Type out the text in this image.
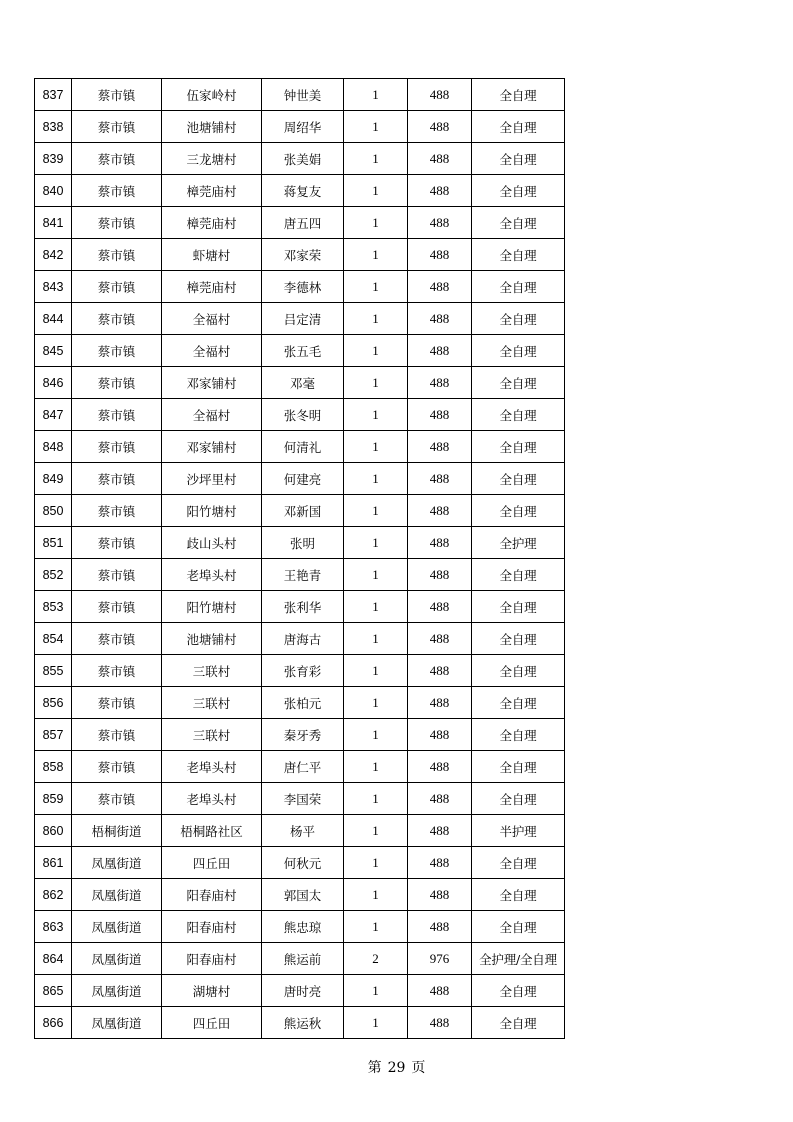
837	蔡市镇	伍家岭村	钟世美	1	488	全自理
838	蔡市镇	池塘铺村	周绍华	1	488	全自理
839	蔡市镇	三龙塘村	张美娟	1	488	全自理
840	蔡市镇	樟莞庙村	蒋复友	1	488	全自理
841	蔡市镇	樟莞庙村	唐五四	1	488	全自理
842	蔡市镇	虾塘村	邓家荣	1	488	全自理
843	蔡市镇	樟莞庙村	李德林	1	488	全自理
844	蔡市镇	全福村	吕定清	1	488	全自理
845	蔡市镇	全福村	张五毛	1	488	全自理
846	蔡市镇	邓家铺村	邓毫	1	488	全自理
847	蔡市镇	全福村	张冬明	1	488	全自理
848	蔡市镇	邓家铺村	何清礼	1	488	全自理
849	蔡市镇	沙坪里村	何建亮	1	488	全自理
850	蔡市镇	阳竹塘村	邓新国	1	488	全自理
851	蔡市镇	歧山头村	张明	1	488	全护理
852	蔡市镇	老埠头村	王艳青	1	488	全自理
853	蔡市镇	阳竹塘村	张利华	1	488	全自理
854	蔡市镇	池塘铺村	唐海古	1	488	全自理
855	蔡市镇	三联村	张育彩	1	488	全自理
856	蔡市镇	三联村	张柏元	1	488	全自理
857	蔡市镇	三联村	秦牙秀	1	488	全自理
858	蔡市镇	老埠头村	唐仁平	1	488	全自理
859	蔡市镇	老埠头村	李国荣	1	488	全自理
860	梧桐街道	梧桐路社区	杨平	1	488	半护理
861	凤凰街道	四丘田	何秋元	1	488	全自理
862	凤凰街道	阳春庙村	郭国太	1	488	全自理
863	凤凰街道	阳春庙村	熊忠琼	1	488	全自理
864	凤凰街道	阳春庙村	熊运前	2	976	全护理/全自理
865	凤凰街道	湖塘村	唐时亮	1	488	全自理
866	凤凰街道	四丘田	熊运秋	1	488	全自理
第 29 页
